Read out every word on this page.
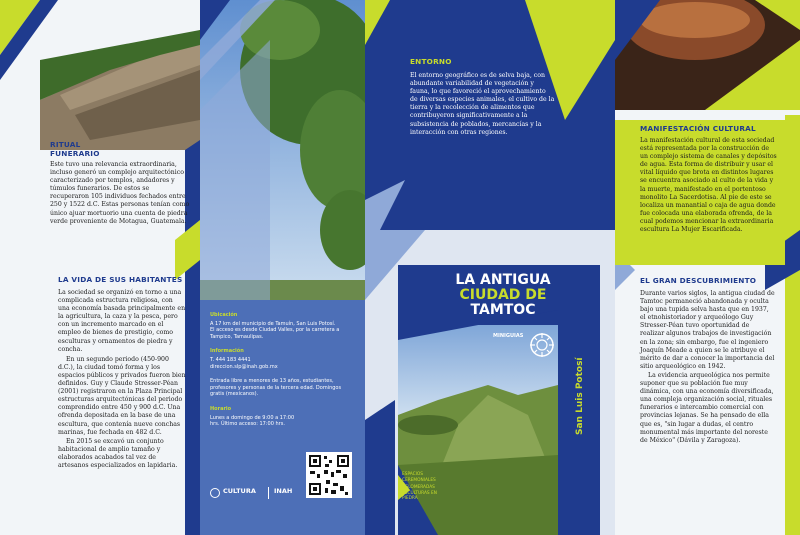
RITUAL FUNERARIO
Este tuvo una relevancia extraordinaria, incluso generó un complejo arquitectónico caracterizado por templos, andadores y túmulos funerarios. De estos se recuperaron 105 individuos fechados entre 250 y 1522 d.C. Estas personas tenían como único ajuar mortuorio una cuenta de piedra verde proveniente de Motagua, Guatemala.
LA VIDA DE SUS HABITANTES
La sociedad se organizó en torno a una complicada estructura religiosa, con una economía basada principalmente en la agricultura, la caza y la pesca, pero con un incremento marcado en el empleo de bienes de prestigio, como esculturas y ornamentos de piedra y concha.
En un segundo periodo (450-900 d.C.), la ciudad tomó forma y los espacios públicos y privados fueron bien definidos. Guy y Claude Stresser-Péan (2001) registraron en la Plaza Principal estructuras arquitectónicas del periodo comprendido entre 450 y 900 d.C. Una ofrenda depositada en la base de una escultura, que contenía nueve conchas marinas, fue fechada en 482 d.C.
En 2015 se excavó un conjunto habitacional de amplio tamaño y elaborados acabados tal vez de artesanos especializados en lapidaria.
Ubicación
A 17 km del municipio de Tamuín, San Luis Potosí. El acceso es desde Ciudad Valles, por la carretera a Tampico, Tamaulipas.
Información
T. 444 183 4441 direccion.slp@inah.gob.mx
Entrada libre a menores de 13 años, estudiantes, profesores y personas de la tercera edad. Domingos gratis (mexicanos).
Horario
Lunes a domingo de 9:00 a 17:00 hrs. Último acceso: 17:00 hrs.
CULTURA	INAH
ENTORNO
El entorno geográfico es de selva baja, con abundante variabilidad de vegetación y fauna, lo que favoreció el aprovechamiento de diversas especies animales, el cultivo de la tierra y la recolección de alimentos que contribuyeron significativamente a la subsistencia de poblados, mercancías y la interacción con otras regiones.
LA ANTIGUA
CIUDAD DE
TAMTOC
MINIGUIAS
San Luis Potosí
ESPACIOS CEREMONIALES
AGLOMERADAS ESCULTURAS EN PIEDRA
MANIFESTACIÓN CULTURAL
La manifestación cultural de esta sociedad está representada por la construcción de un complejo sistema de canales y depósitos de agua. Esta forma de distribuir y usar el vital líquido que brota en distintos lugares se encuentra asociado al culto de la vida y la muerte, manifestado en el portentoso monolito La Sacerdotisa. Al pie de este se localiza un manantial o caja de agua donde fue colocada una elaborada ofrenda, de la cual podemos mencionar la extraordinaria escultura La Mujer Escarificada.
EL GRAN DESCUBRIMIENTO
Durante varios siglos, la antigua ciudad de Tamtoc permaneció abandonada y oculta bajo una tupida selva hasta que en 1937, el etnohistoriador y arqueólogo Guy Stresser-Péan tuvo oportunidad de realizar algunos trabajos de investigación en la zona; sin embargo, fue el ingeniero Joaquín Meade a quien se le atribuye el mérito de dar a conocer la importancia del sitio arqueológico en 1942.
La evidencia arqueológica nos permite suponer que su población fue muy dinámica, con una economía diversificada, una compleja organización social, rituales funerarios e intercambio comercial con provincias lejanas. Se ha pensado de ella que es, "sin lugar a dudas, el centro monumental más importante del noreste de México" (Dávila y Zaragoza).
